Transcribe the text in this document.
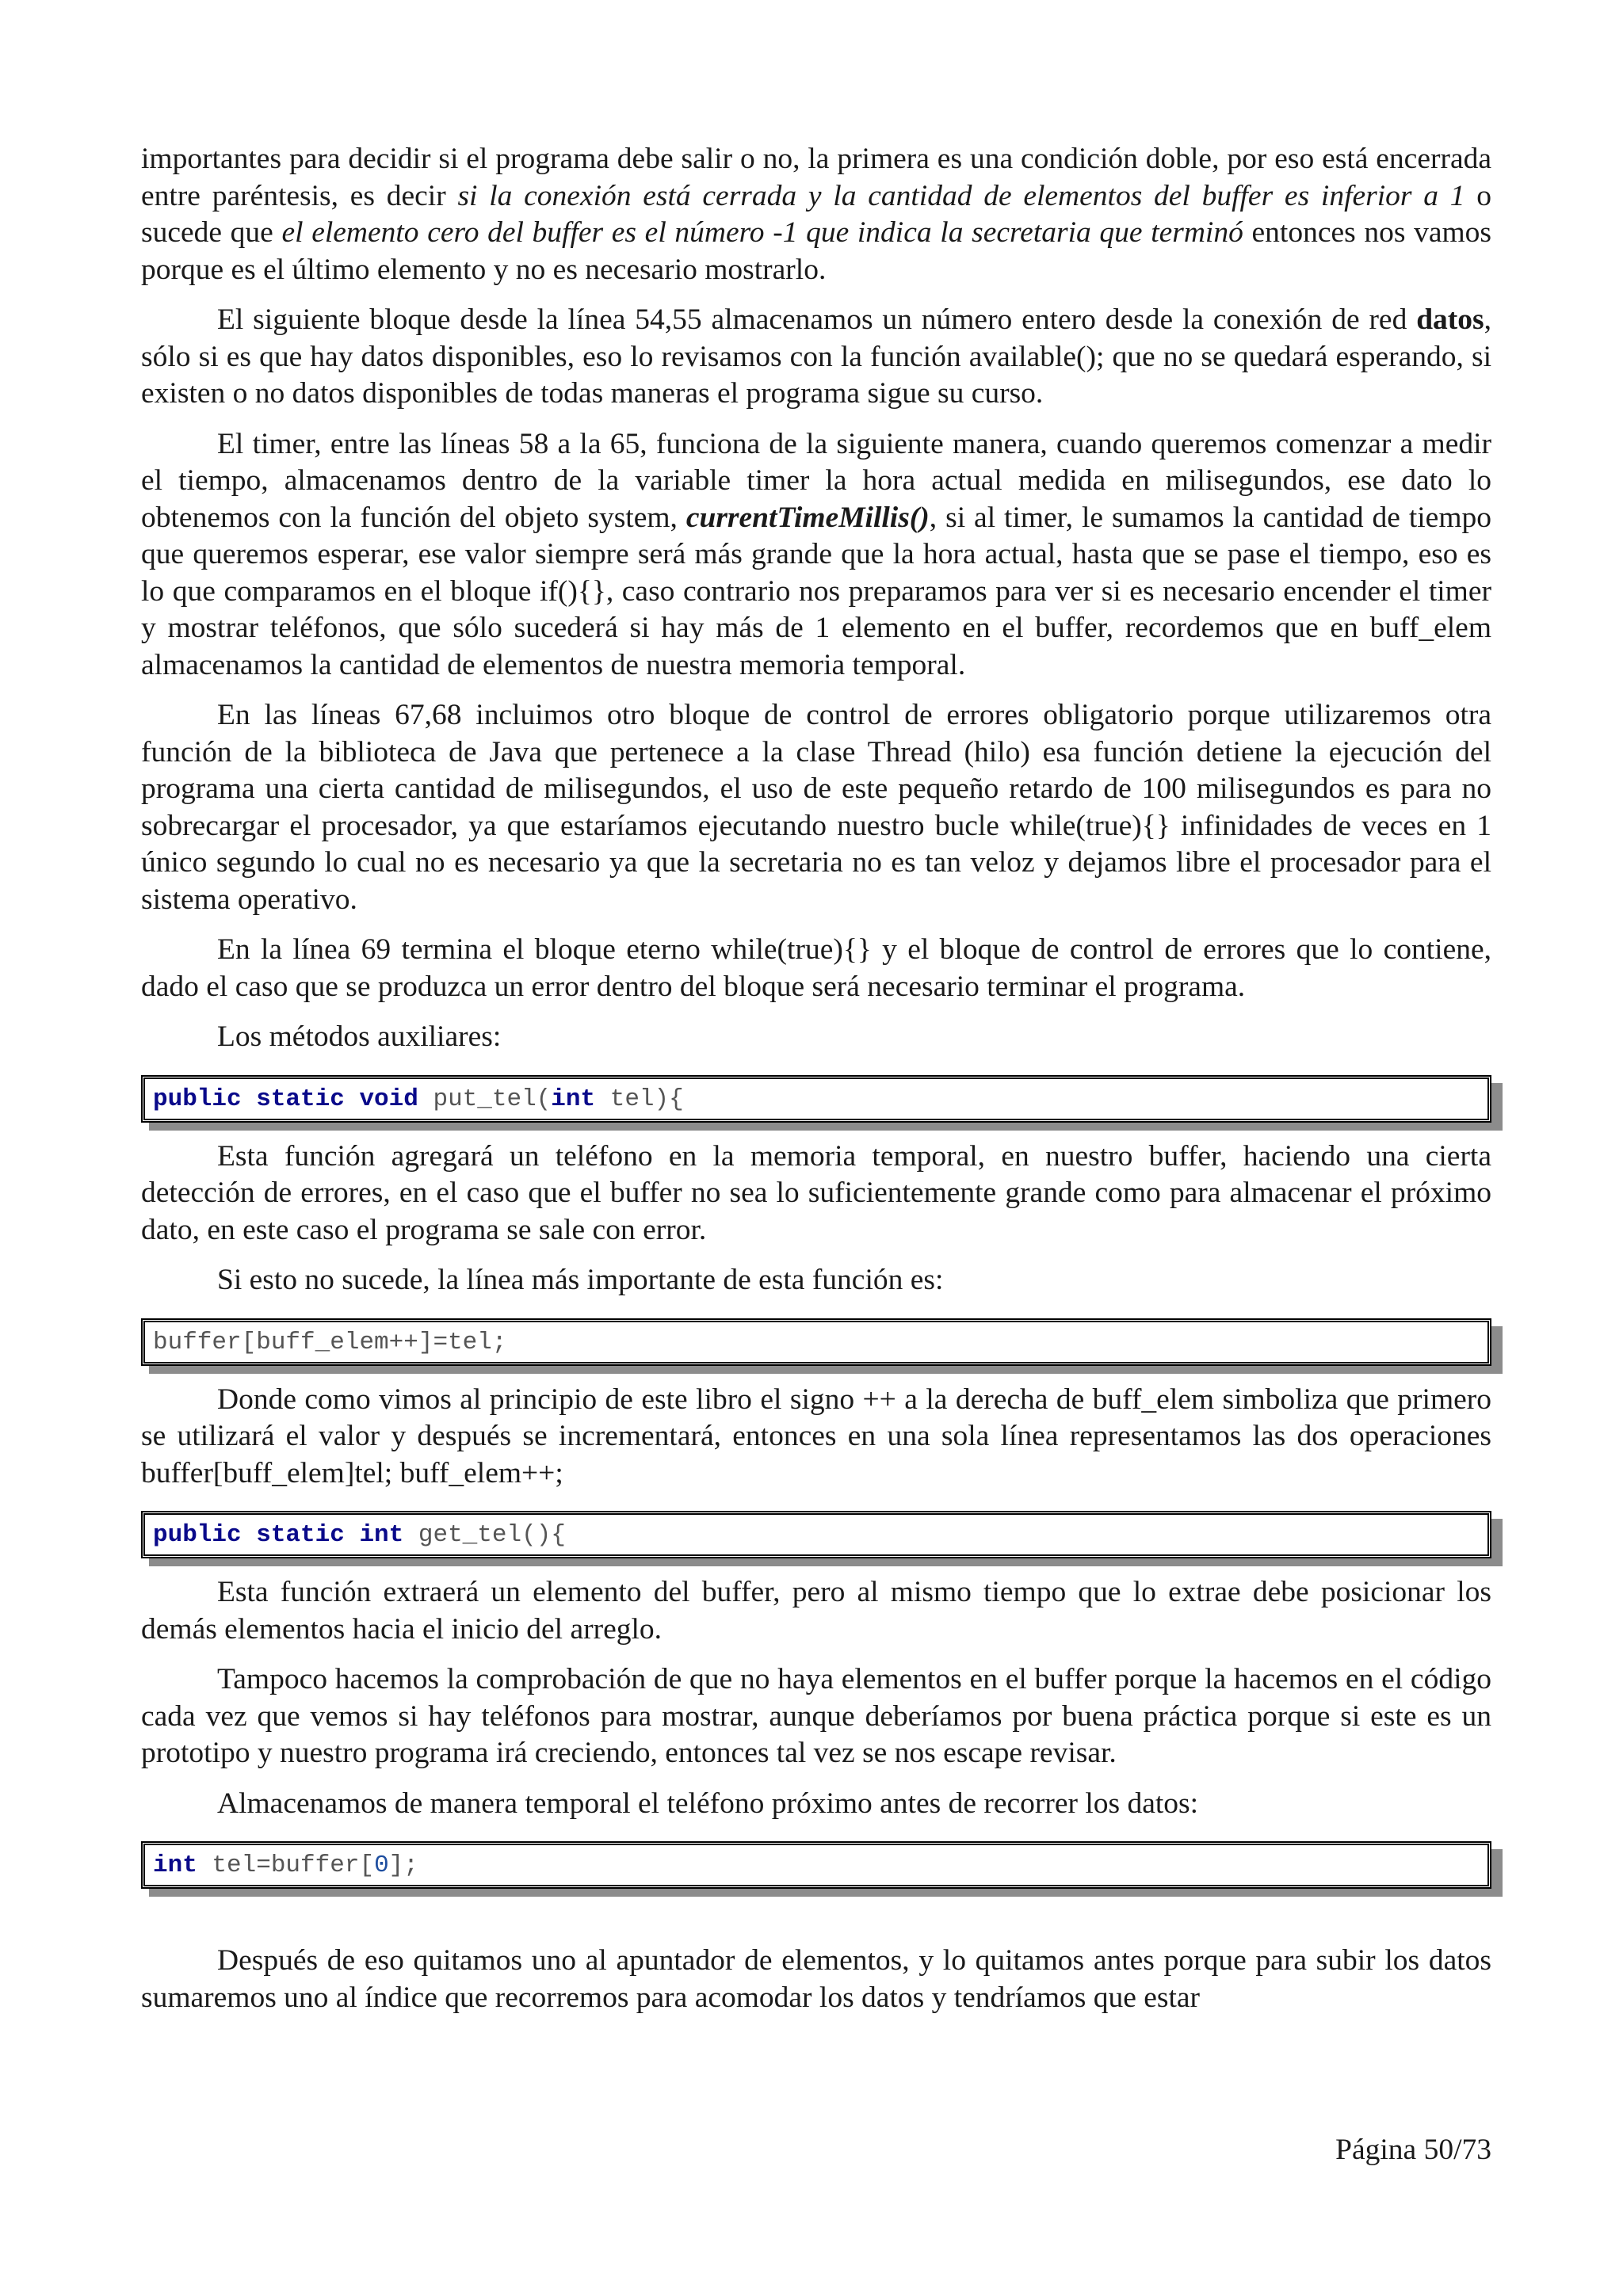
importantes para decidir si el programa debe salir o no, la primera es una condición doble, por eso está encerrada entre paréntesis, es decir si la conexión está cerrada y la cantidad de elementos del buffer es inferior a 1 o sucede que el elemento cero del buffer es el número -1 que indica la secretaria que terminó entonces nos vamos porque es el último elemento y no es necesario mostrarlo.

El siguiente bloque desde la línea 54,55 almacenamos un número entero desde la conexión de red datos, sólo si es que hay datos disponibles, eso lo revisamos con la función available(); que no se quedará esperando, si existen o no datos disponibles de todas maneras el programa sigue su curso.

El timer, entre las líneas 58 a la 65, funciona de la siguiente manera, cuando queremos comenzar a medir el tiempo, almacenamos dentro de la variable timer la hora actual medida en milisegundos, ese dato lo obtenemos con la función del objeto system, currentTimeMillis(), si al timer, le sumamos la cantidad de tiempo que queremos esperar, ese valor siempre será más grande que la hora actual, hasta que se pase el tiempo, eso es lo que comparamos en el bloque if(){}, caso contrario nos preparamos para ver si es necesario encender el timer y mostrar teléfonos, que sólo sucederá si hay más de 1 elemento en el buffer, recordemos que en buff_elem almacenamos la cantidad de elementos de nuestra memoria temporal.

En las líneas 67,68 incluimos otro bloque de control de errores obligatorio porque utilizaremos otra función de la biblioteca de Java que pertenece a la clase Thread (hilo) esa función detiene la ejecución del programa una cierta cantidad de milisegundos, el uso de este pequeño retardo de 100 milisegundos es para no sobrecargar el procesador, ya que estaríamos ejecutando nuestro bucle while(true){} infinidades de veces en 1 único segundo lo cual no es necesario ya que la secretaria no es tan veloz y dejamos libre el procesador para el sistema operativo.

En la línea 69 termina el bloque eterno while(true){} y el bloque de control de errores que lo contiene, dado el caso que se produzca un error dentro del bloque será necesario terminar el programa.

Los métodos auxiliares:

public static void put_tel(int tel){

Esta función agregará un teléfono en la memoria temporal, en nuestro buffer, haciendo una cierta detección de errores, en el caso que el buffer no sea lo suficientemente grande como para almacenar el próximo dato, en este caso el programa se sale con error.

Si esto no sucede, la línea más importante de esta función es:

buffer[buff_elem++]=tel;

Donde como vimos al principio de este libro el signo ++ a la derecha de buff_elem simboliza que primero se utilizará el valor y después se incrementará, entonces en una sola línea representamos las dos operaciones buffer[buff_elem]tel; buff_elem++;

public static int get_tel(){

Esta función extraerá un elemento del buffer, pero al mismo tiempo que lo extrae debe posicionar los demás elementos hacia el inicio del arreglo.

Tampoco hacemos la comprobación de que no haya elementos en el buffer porque la hacemos en el código cada vez que vemos si hay teléfonos para mostrar, aunque deberíamos por buena práctica porque si este es un prototipo y nuestro programa irá creciendo, entonces tal vez se nos escape revisar.

Almacenamos de manera temporal el teléfono próximo antes de recorrer los datos:

int tel=buffer[0];

Después de eso quitamos uno al apuntador de elementos, y lo quitamos antes porque para subir los datos sumaremos uno al índice que recorremos para acomodar los datos y tendríamos que estar

Página 50/73
